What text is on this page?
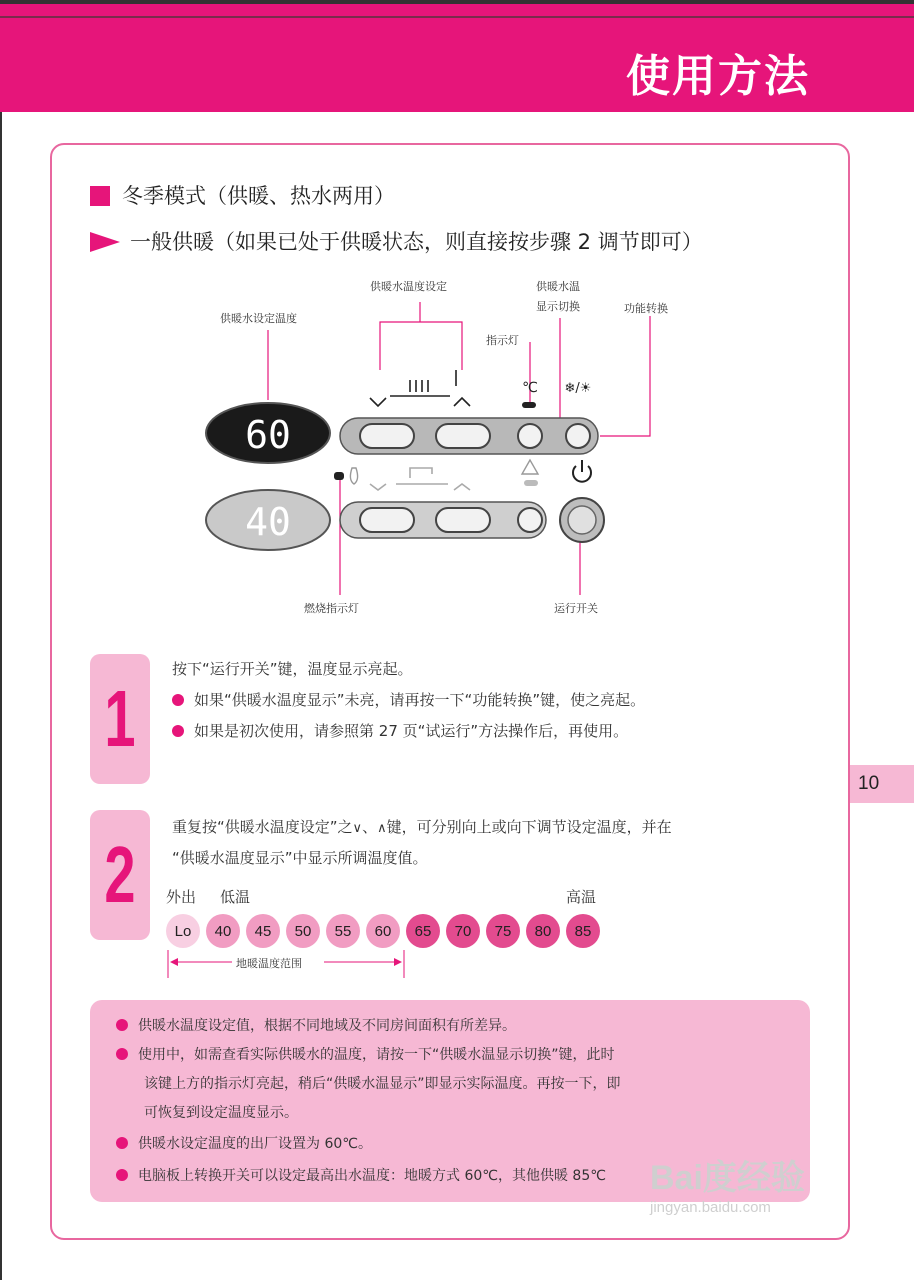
使用方法
冬季模式（供暖、热水两用）
一般供暖（如果已处于供暖状态，则直接按步骤 2 调节即可）
℃ ❄/☀
60
40
供暖水设定温度
供暖水温度设定
指示灯
供暖水温
显示切换	功能转换
燃烧指示灯	运行开关
1
按下“运行开关”键，温度显示亮起。
如果“供暖水温度显示”未亮，请再按一下“功能转换”键，使之亮起。
如果是初次使用，请参照第 27 页“试运行”方法操作后，再使用。
2
重复按“供暖水温度设定”之∨、∧键，可分别向上或向下调节设定温度，并在
“供暖水温度显示”中显示所调温度值。
外出 低温	高温
Lo	40	45	50	55	60	65	70	75	80	85
地暖温度范围
供暖水温度设定值，根据不同地域及不同房间面积有所差异。
使用中，如需查看实际供暖水的温度，请按一下“供暖水温显示切换”键，此时
该键上方的指示灯亮起，稍后“供暖水温显示”即显示实际温度。再按一下，即
可恢复到设定温度显示。
供暖水设定温度的出厂设置为 60℃。
电脑板上转换开关可以设定最高出水温度：地暖方式 60℃，其他供暖 85℃
10
Bai度经验
jingyan.baidu.com
